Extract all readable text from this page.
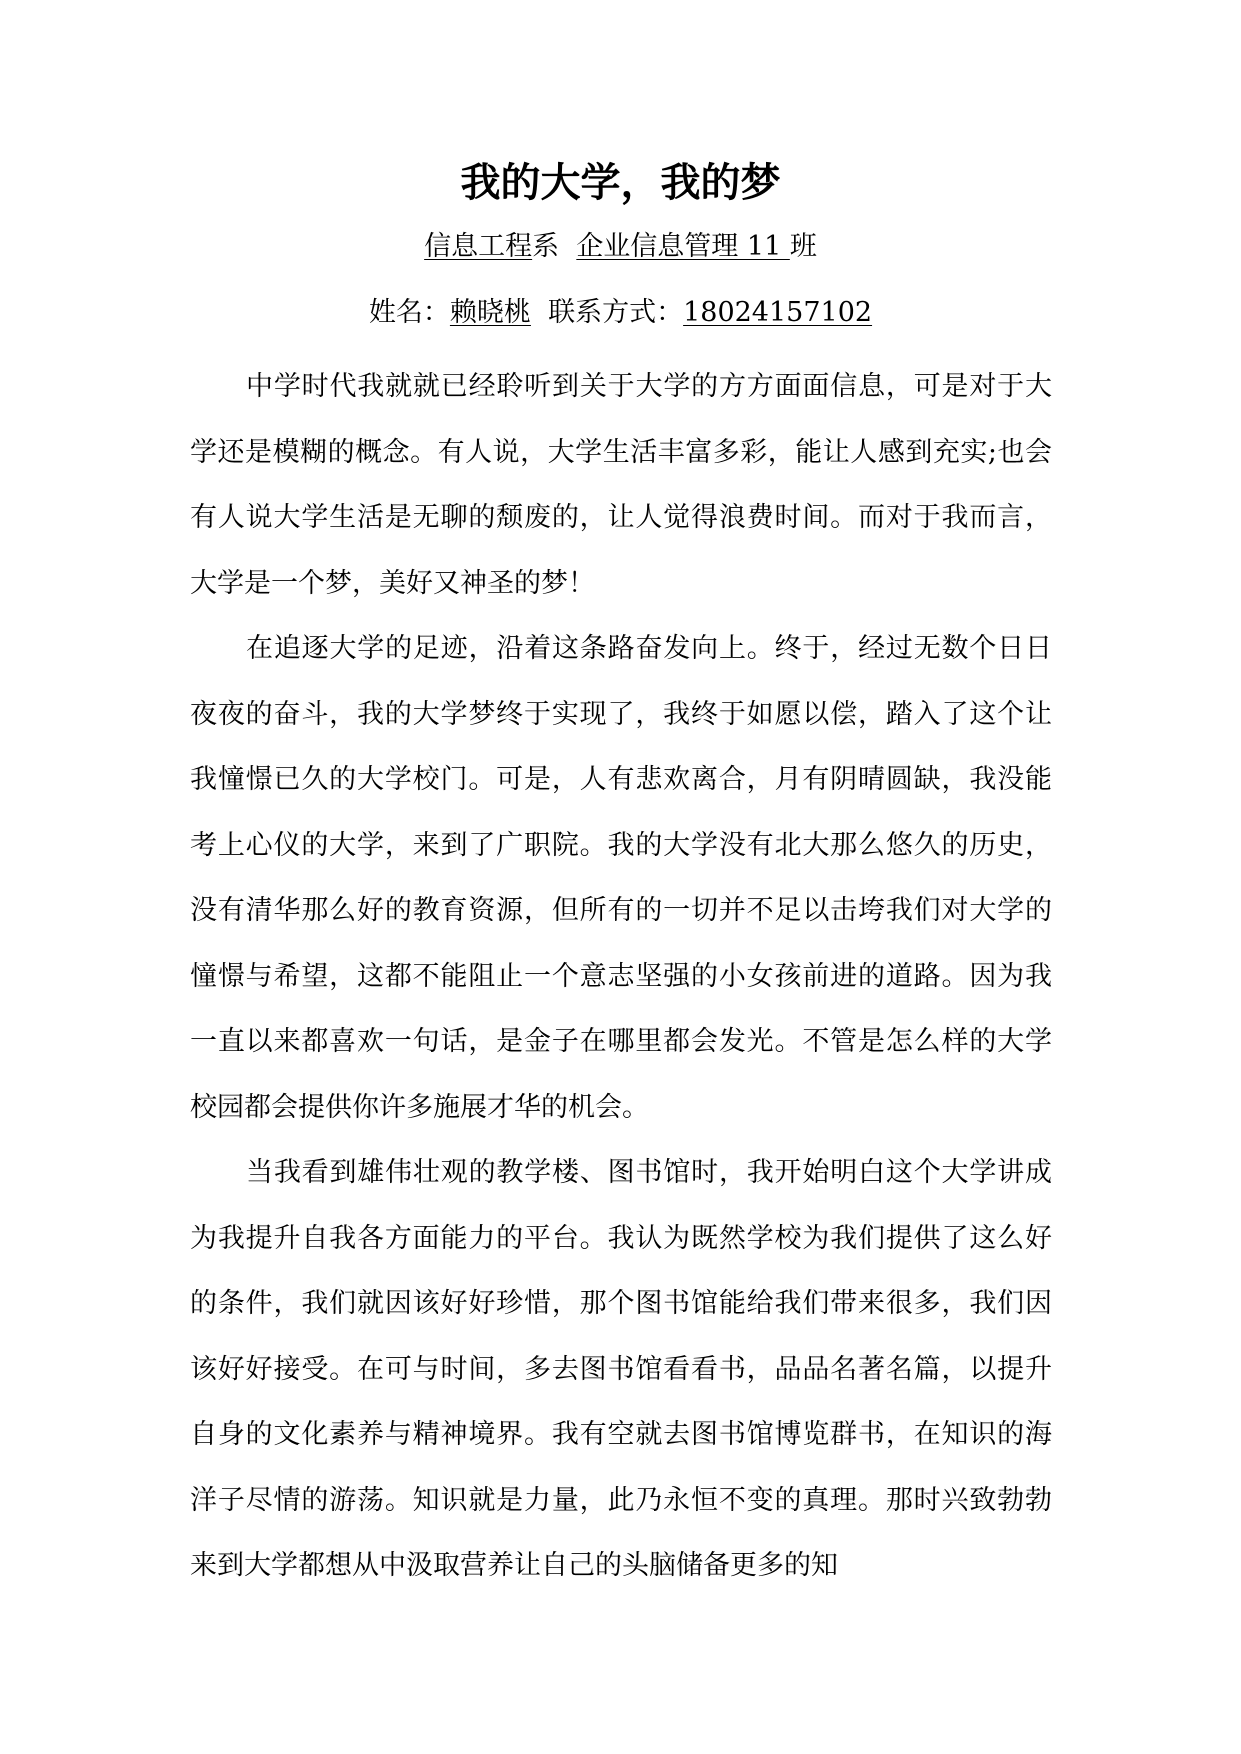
我的大学，我的梦
信息工程系 企业信息管理 11 班
姓名：赖晓桃 联系方式：18024157102

中学时代我就就已经聆听到关于大学的方方面面信息，可是对于大学还是模糊的概念。有人说，大学生活丰富多彩，能让人感到充实;也会有人说大学生活是无聊的颓废的，让人觉得浪费时间。而对于我而言，大学是一个梦，美好又神圣的梦！

在追逐大学的足迹，沿着这条路奋发向上。终于，经过无数个日日夜夜的奋斗，我的大学梦终于实现了，我终于如愿以偿，踏入了这个让我憧憬已久的大学校门。可是，人有悲欢离合，月有阴晴圆缺，我没能考上心仪的大学，来到了广职院。我的大学没有北大那么悠久的历史，没有清华那么好的教育资源，但所有的一切并不足以击垮我们对大学的憧憬与希望，这都不能阻止一个意志坚强的小女孩前进的道路。因为我一直以来都喜欢一句话，是金子在哪里都会发光。不管是怎么样的大学校园都会提供你许多施展才华的机会。

当我看到雄伟壮观的教学楼、图书馆时，我开始明白这个大学讲成为我提升自我各方面能力的平台。我认为既然学校为我们提供了这么好的条件，我们就因该好好珍惜，那个图书馆能给我们带来很多，我们因该好好接受。在可与时间，多去图书馆看看书，品品名著名篇，以提升自身的文化素养与精神境界。我有空就去图书馆博览群书，在知识的海洋子尽情的游荡。知识就是力量，此乃永恒不变的真理。那时兴致勃勃来到大学都想从中汲取营养让自己的头脑储备更多的知
